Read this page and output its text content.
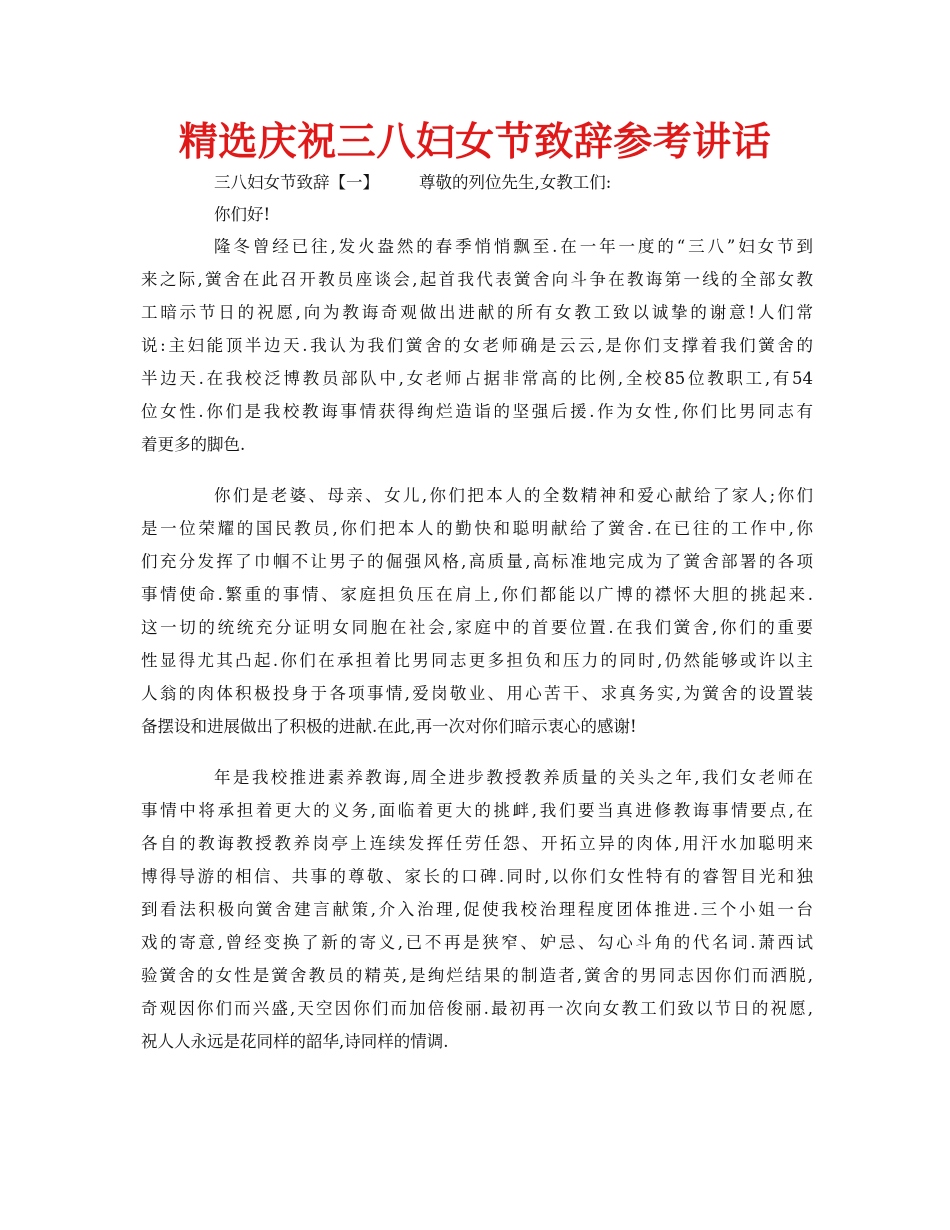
精选庆祝三八妇女节致辞参考讲话
三八妇女节致辞【一】 尊敬的列位先生,女教工们:
你们好!
隆冬曾经已往,发火盎然的春季悄悄飘至.在一年一度的“三八”妇女节到
来之际,黉舍在此召开教员座谈会,起首我代表黉舍向斗争在教诲第一线的全部女教
工暗示节日的祝愿,向为教诲奇观做出进献的所有女教工致以诚挚的谢意!人们常
说:主妇能顶半边天.我认为我们黉舍的女老师确是云云,是你们支撑着我们黉舍的
半边天.在我校泛博教员部队中,女老师占据非常高的比例,全校85位教职工,有54
位女性.你们是我校教诲事情获得绚烂造诣的坚强后援.作为女性,你们比男同志有
着更多的脚色.
你们是老婆、母亲、女儿,你们把本人的全数精神和爱心献给了家人;你们
是一位荣耀的国民教员,你们把本人的勤快和聪明献给了黉舍.在已往的工作中,你
们充分发挥了巾帼不让男子的倔强风格,高质量,高标准地完成为了黉舍部署的各项
事情使命.繁重的事情、家庭担负压在肩上,你们都能以广博的襟怀大胆的挑起来.
这一切的统统充分证明女同胞在社会,家庭中的首要位置.在我们黉舍,你们的重要
性显得尤其凸起.你们在承担着比男同志更多担负和压力的同时,仍然能够或许以主
人翁的肉体积极投身于各项事情,爱岗敬业、用心苦干、求真务实,为黉舍的设置装
备摆设和进展做出了积极的进献.在此,再一次对你们暗示衷心的感谢!
年是我校推进素养教诲,周全进步教授教养质量的关头之年,我们女老师在
事情中将承担着更大的义务,面临着更大的挑衅,我们要当真进修教诲事情要点,在
各自的教诲教授教养岗亭上连续发挥任劳任怨、开拓立异的肉体,用汗水加聪明来
博得导游的相信、共事的尊敬、家长的口碑.同时,以你们女性特有的睿智目光和独
到看法积极向黉舍建言献策,介入治理,促使我校治理程度团体推进.三个小姐一台
戏的寄意,曾经变换了新的寄义,已不再是狭窄、妒忌、勾心斗角的代名词.萧西试
验黉舍的女性是黉舍教员的精英,是绚烂结果的制造者,黉舍的男同志因你们而洒脱,
奇观因你们而兴盛,天空因你们而加倍俊丽.最初再一次向女教工们致以节日的祝愿,
祝人人永远是花同样的韶华,诗同样的情调.
